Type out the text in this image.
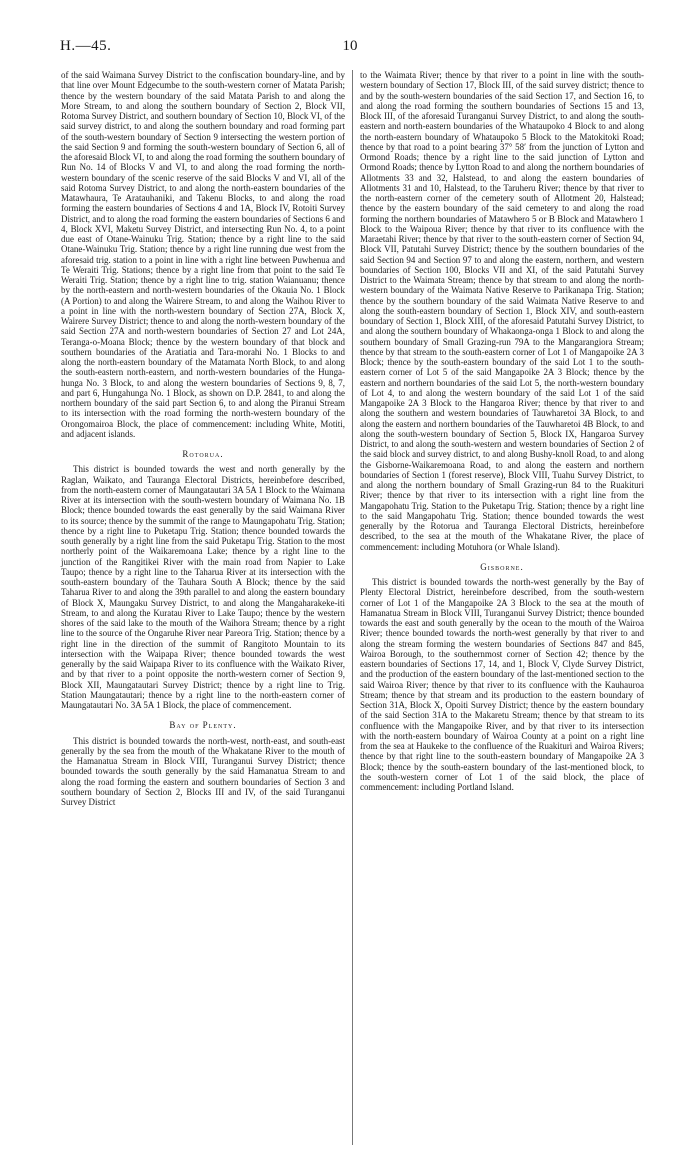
H.—45.	10

of the said Waimana Survey District to the confiscation boundary-line, and by that line over Mount Edgecumbe to the south-western corner of Matata Parish; thence by the western boundary of the said Matata Parish to and along the More Stream, to and along the southern boundary of Section 2, Block VII, Rotoma Survey District, and southern boundary of Section 10, Block VI, of the said survey district, to and along the southern boundary and road forming part of the south-western boundary of Section 9 intersecting the western portion of the said Section 9 and forming the south-western boundary of Section 6, all of the aforesaid Block VI, to and along the road forming the southern boundary of Run No. 14 of Blocks V and VI, to and along the road forming the north-western boundary of the scenic reserve of the said Blocks V and VI, all of the said Rotoma Survey District, to and along the north-eastern boundaries of the Matawhaura, Te Aratauhaniki, and Takenu Blocks, to and along the road forming the eastern boundaries of Sections 4 and 1A, Block IV, Rotoiti Survey District, and to along the road forming the eastern boundaries of Sections 6 and 4, Block XVI, Maketu Survey District, and intersecting Run No. 4, to a point due east of Otane-Wainuku Trig. Station; thence by a right line to the said Otane-Wainuku Trig. Station; thence by a right line running due west from the aforesaid trig. station to a point in line with a right line between Puwhenua and Te Weraiti Trig. Stations; thence by a right line from that point to the said Te Weraiti Trig. Station; thence by a right line to trig. station Waianuanu; thence by the north-eastern and north-western boundaries of the Okauia No. 1 Block (A Portion) to and along the Wairere Stream, to and along the Waihou River to a point in line with the north-western boundary of Section 27A, Block X, Wairere Survey District; thence to and along the north-western boundary of the said Section 27A and north-western boundaries of Section 27 and Lot 24A, Teranga-o-Moana Block; thence by the western boundary of that block and southern boundaries of the Aratiatia and Tara-morahi No. 1 Blocks to and along the north-eastern boundary of the Matamata North Block, to and along the south-eastern north-eastern, and north-western boundaries of the Hunga-hunga No. 3 Block, to and along the western boundaries of Sections 9, 8, 7, and part 6, Hungahunga No. 1 Block, as shown on D.P. 2841, to and along the northern boundary of the said part Section 6, to and along the Piranui Stream to its intersection with the road forming the north-western boundary of the Orongomairoa Block, the place of commencement: including White, Motiti, and adjacent islands.

Rotorua.

This district is bounded towards the west and north generally by the Raglan, Waikato, and Tauranga Electoral Districts, hereinbefore described, from the north-eastern corner of Maungatautari 3A 5A 1 Block to the Waimana River at its intersection with the south-western boundary of Waimana No. 1B Block; thence bounded towards the east generally by the said Waimana River to its source; thence by the summit of the range to Maungapohatu Trig. Station; thence by a right line to Puketapu Trig. Station; thence bounded towards the south generally by a right line from the said Puketapu Trig. Station to the most northerly point of the Waikaremoana Lake; thence by a right line to the junction of the Rangitikei River with the main road from Napier to Lake Taupo; thence by a right line to the Taharua River at its intersection with the south-eastern boundary of the Tauhara South A Block; thence by the said Taharua River to and along the 39th parallel to and along the eastern boundary of Block X, Maungaku Survey District, to and along the Mangaharakeke-iti Stream, to and along the Kuratau River to Lake Taupo; thence by the western shores of the said lake to the mouth of the Waihora Stream; thence by a right line to the source of the Ongaruhe River near Pareora Trig. Station; thence by a right line in the direction of the summit of Rangitoto Mountain to its intersection with the Waipapa River; thence bounded towards the west generally by the said Waipapa River to its confluence with the Waikato River, and by that river to a point opposite the north-western corner of Section 9, Block XII, Maungatautari Survey District; thence by a right line to Trig. Station Maungatautari; thence by a right line to the north-eastern corner of Maungatautari No. 3A 5A 1 Block, the place of commencement.

Bay of Plenty.

This district is bounded towards the north-west, north-east, and south-east generally by the sea from the mouth of the Whakatane River to the mouth of the Hamanatua Stream in Block VIII, Turanganui Survey District; thence bounded towards the south generally by the said Hamanatua Stream to and along the road forming the eastern and southern boundaries of Section 3 and southern boundary of Section 2, Blocks III and IV, of the said Turanganui Survey District

to the Waimata River; thence by that river to a point in line with the south-western boundary of Section 17, Block III, of the said survey district; thence to and by the south-western boundaries of the said Section 17, and Section 16, to and along the road forming the southern boundaries of Sections 15 and 13, Block III, of the aforesaid Turanganui Survey District, to and along the south-eastern and north-eastern boundaries of the Whataupoko 4 Block to and along the north-eastern boundary of Whataupoko 5 Block to the Matokitoki Road; thence by that road to a point bearing 37° 58′ from the junction of Lytton and Ormond Roads; thence by a right line to the said junction of Lytton and Ormond Roads; thence by Lytton Road to and along the northern boundaries of Allotments 33 and 32, Halstead, to and along the eastern boundaries of Allotments 31 and 10, Halstead, to the Taruheru River; thence by that river to the north-eastern corner of the cemetery south of Allotment 20, Halstead; thence by the eastern boundary of the said cemetery to and along the road forming the northern boundaries of Matawhero 5 or B Block and Matawhero 1 Block to the Waipoua River; thence by that river to its confluence with the Maraetahi River; thence by that river to the south-eastern corner of Section 94, Block VII, Patutahi Survey District; thence by the southern boundaries of the said Section 94 and Section 97 to and along the eastern, northern, and western boundaries of Section 100, Blocks VII and XI, of the said Patutahi Survey District to the Waimata Stream; thence by that stream to and along the north-western boundary of the Waimata Native Reserve to Parikanapa Trig. Station; thence by the southern boundary of the said Waimata Native Reserve to and along the south-eastern boundary of Section 1, Block XIV, and south-eastern boundary of Section 1, Block XIII, of the aforesaid Patutahi Survey District, to and along the southern boundary of Whakaonga-onga 1 Block to and along the southern boundary of Small Grazing-run 79A to the Mangarangiora Stream; thence by that stream to the south-eastern corner of Lot 1 of Mangapoike 2A 3 Block; thence by the south-eastern boundary of the said Lot 1 to the south-eastern corner of Lot 5 of the said Mangapoike 2A 3 Block; thence by the eastern and northern boundaries of the said Lot 5, the north-western boundary of Lot 4, to and along the western boundary of the said Lot 1 of the said Mangapoike 2A 3 Block to the Hangaroa River; thence by that river to and along the southern and western boundaries of Tauwharetoi 3A Block, to and along the eastern and northern boundaries of the Tauwharetoi 4B Block, to and along the south-western boundary of Section 5, Block IX, Hangaroa Survey District, to and along the south-western and western boundaries of Section 2 of the said block and survey district, to and along Bushy-knoll Road, to and along the Gisborne-Waikaremoana Road, to and along the eastern and northern boundaries of Section 1 (forest reserve), Block VIII, Tuahu Survey District, to and along the northern boundary of Small Grazing-run 84 to the Ruakituri River; thence by that river to its intersection with a right line from the Mangapohatu Trig. Station to the Puketapu Trig. Station; thence by a right line to the said Mangapohatu Trig. Station; thence bounded towards the west generally by the Rotorua and Tauranga Electoral Districts, hereinbefore described, to the sea at the mouth of the Whakatane River, the place of commencement: including Motuhora (or Whale Island).

Gisborne.

This district is bounded towards the north-west generally by the Bay of Plenty Electoral District, hereinbefore described, from the south-western corner of Lot 1 of the Mangapoike 2A 3 Block to the sea at the mouth of Hamanatua Stream in Block VIII, Turanganui Survey District; thence bounded towards the east and south generally by the ocean to the mouth of the Wairoa River; thence bounded towards the north-west generally by that river to and along the stream forming the western boundaries of Sections 847 and 845, Wairoa Borough, to the southernmost corner of Section 42; thence by the eastern boundaries of Sections 17, 14, and 1, Block V, Clyde Survey District, and the production of the eastern boundary of the last-mentioned section to the said Wairoa River; thence by that river to its confluence with the Kauhauroa Stream; thence by that stream and its production to the eastern boundary of Section 31A, Block X, Opoiti Survey District; thence by the eastern boundary of the said Section 31A to the Makaretu Stream; thence by that stream to its confluence with the Mangapoike River, and by that river to its intersection with the north-eastern boundary of Wairoa County at a point on a right line from the sea at Haukeke to the confluence of the Ruakituri and Wairoa Rivers; thence by that right line to the south-eastern boundary of Mangapoike 2A 3 Block; thence by the south-eastern boundary of the last-mentioned block, to the south-western corner of Lot 1 of the said block, the place of commencement: including Portland Island.
